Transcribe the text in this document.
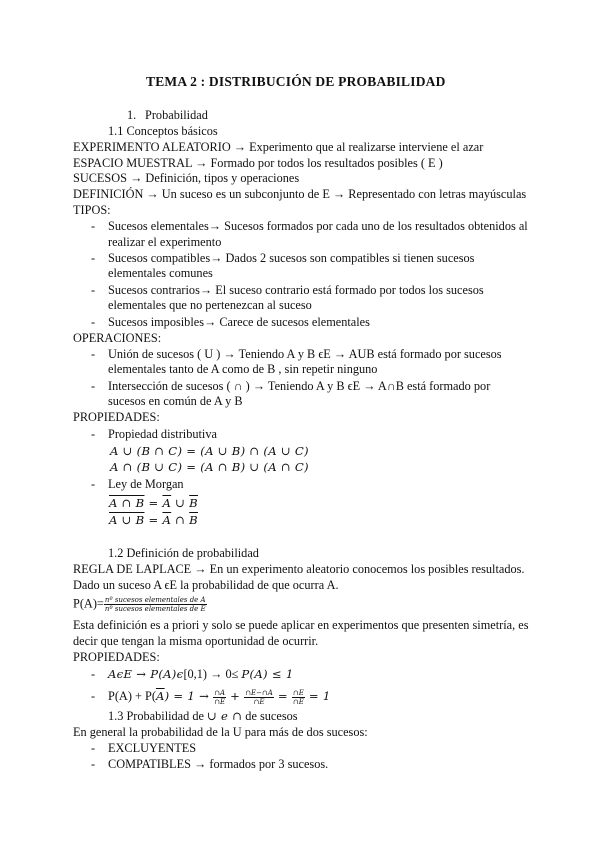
TEMA 2 : DISTRIBUCIÓN DE PROBABILIDAD
1. Probabilidad
1.1 Conceptos básicos
EXPERIMENTO ALEATORIO → Experimento que al realizarse interviene el azar
ESPACIO MUESTRAL → Formado por todos los resultados posibles ( E )
SUCESOS → Definición, tipos y operaciones
DEFINICIÓN → Un suceso es un subconjunto de E → Representado con letras mayúsculas
TIPOS:
- Sucesos elementales→ Sucesos formados por cada uno de los resultados obtenidos al
realizar el experimento
- Sucesos compatibles→ Dados 2 sucesos son compatibles si tienen sucesos
elementales comunes
- Sucesos contrarios→ El suceso contrario está formado por todos los sucesos
elementales que no pertenezcan al suceso
- Sucesos imposibles→ Carece de sucesos elementales
OPERACIONES:
- Unión de sucesos ( U ) → Teniendo A y B ϵE → AUB está formado por sucesos
elementales tanto de A como de B , sin repetir ninguno
- Intersección de sucesos ( ∩ ) → Teniendo A y B ϵE → A∩B está formado por
sucesos en común de A y B
PROPIEDADES:
- Propiedad distributiva
A ∪ (B ∩ C) = (A ∪ B) ∩ (A ∪ C)
A ∩ (B ∪ C) = (A ∩ B) ∪ (A ∩ C)
- Ley de Morgan
A ∩ $B = \overline{A}$ ∪ $\overline{B}$
A ∪ $B = \overline{A}$ ∩ $\overline{B}$
1.2 Definición de probabilidad
REGLA DE LAPLACE → En un experimento aleatorio conocemos los posibles resultados.
Dado un suceso A ϵE la probabilidad de que ocurra A.
$P(A)= \frac{\text{nº sucesos elementales de A}}{\text{nº sucesos elementales de E}}$
Esta definición es a priori y solo se puede aplicar en experimentos que presenten simetría, es
decir que tengan la misma oportunidad de ocurrir.
PROPIEDADES:
- AϵE → P(A)ϵ[0,1) → 0≤ P(A) ≤ 1
- $P(A) + P(\overline{A}) = 1 \to \frac{\cap A}{\cap E} + \frac{\cap E-\cap A}{\cap E} = \frac{\cap E}{\cap E} = 1$
1.3 Probabilidad de ∪ e ∩ de sucesos
En general la probabilidad de la U para más de dos sucesos:
- EXCLUYENTES
- COMPATIBLES → formados por 3 sucesos.
